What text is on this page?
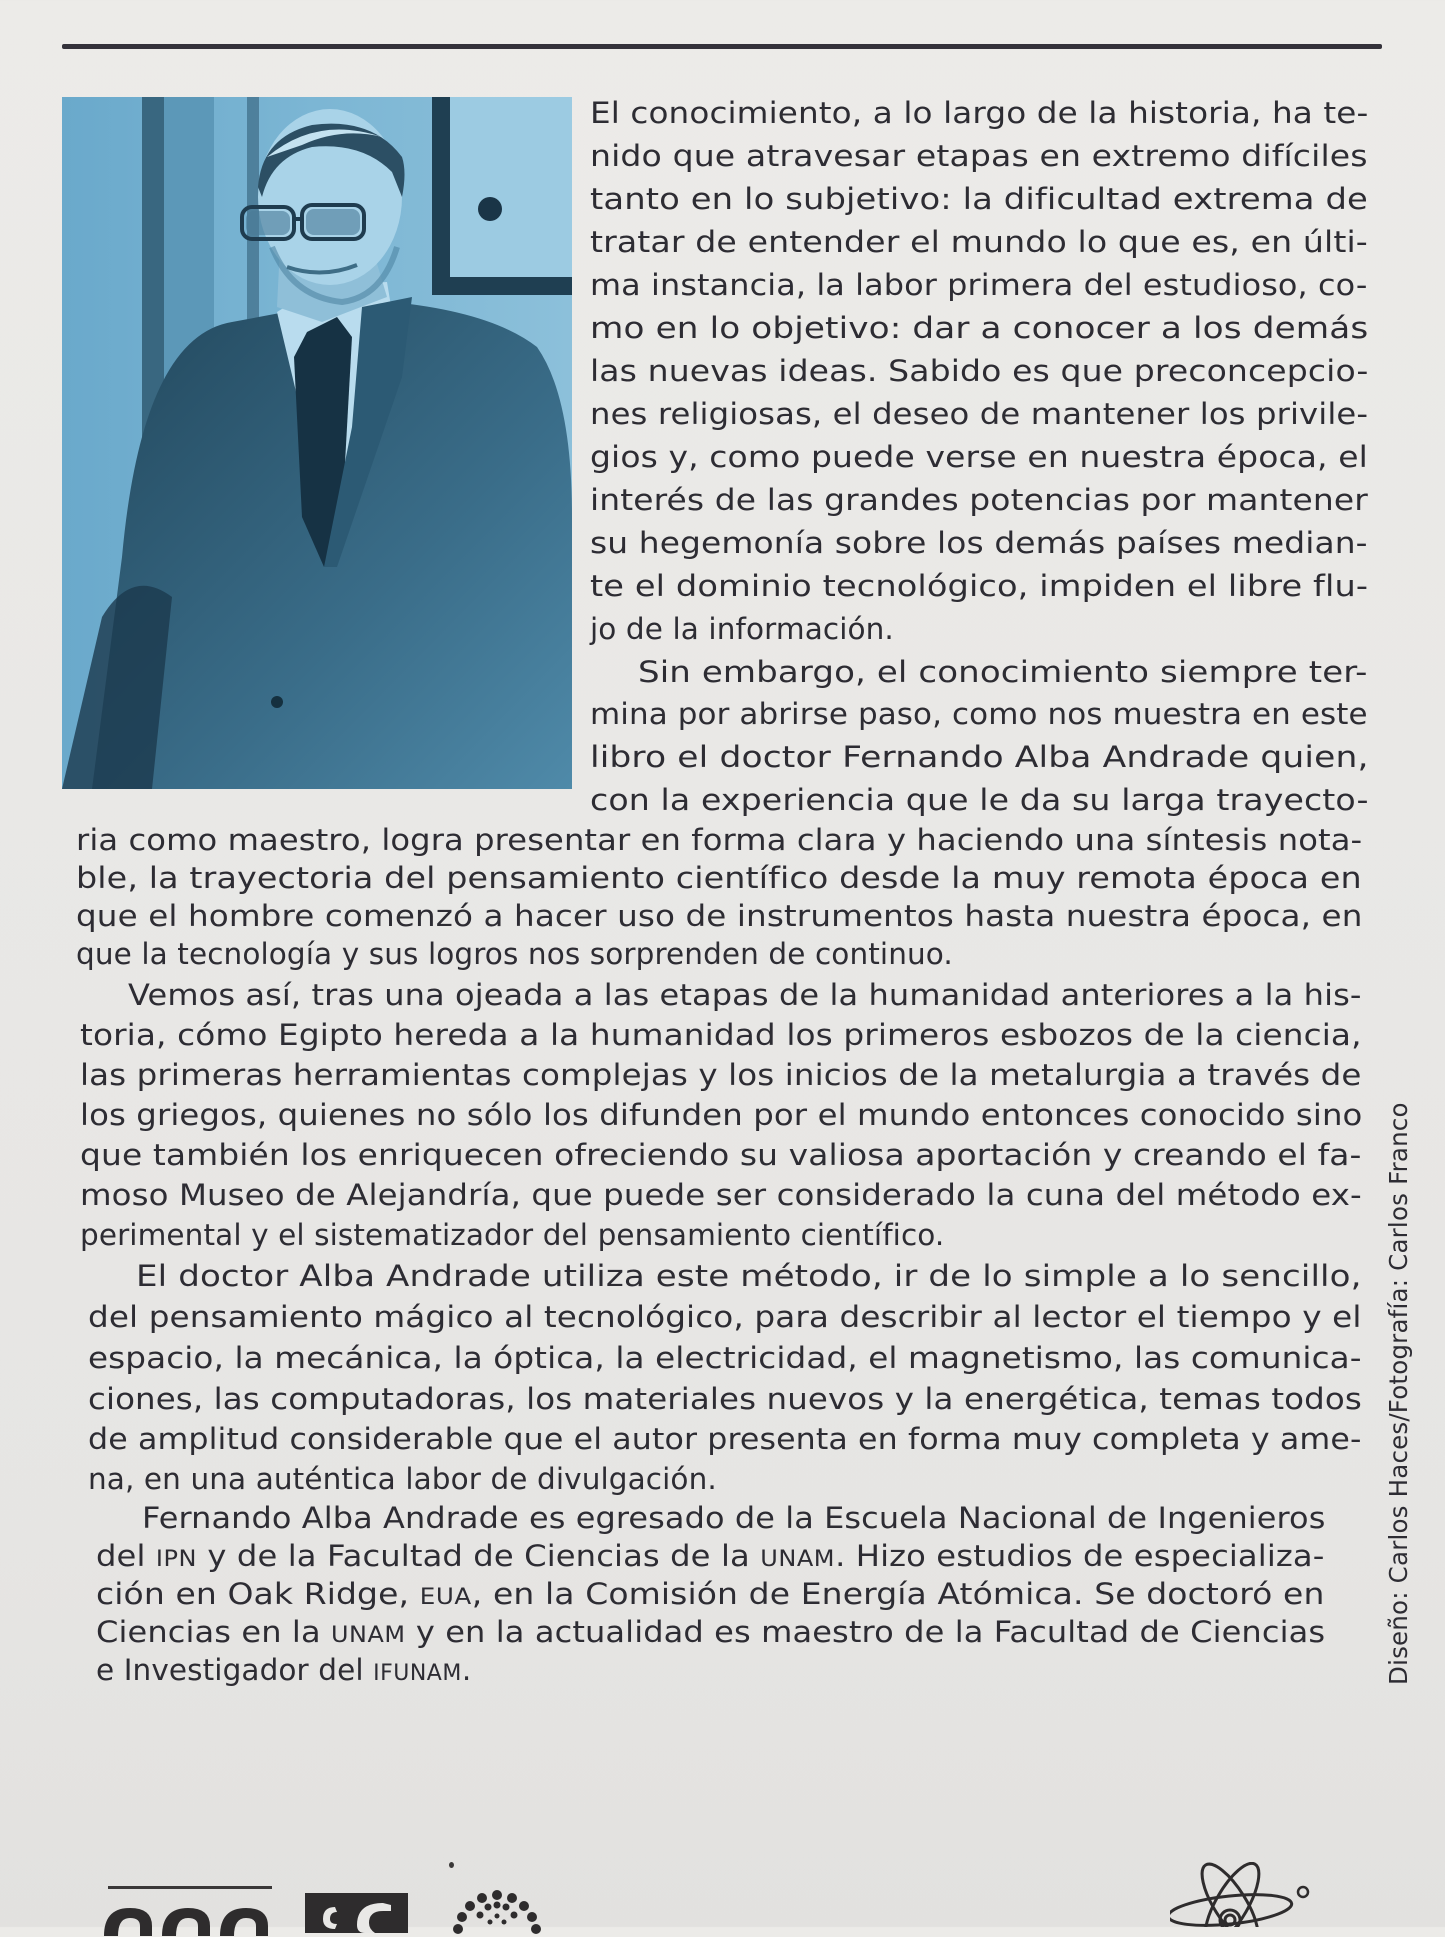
El conocimiento, a lo largo de la historia, ha te-
nido que atravesar etapas en extremo difíciles
tanto en lo subjetivo: la dificultad extrema de
tratar de entender el mundo lo que es, en últi-
ma instancia, la labor primera del estudioso, co-
mo en lo objetivo: dar a conocer a los demás
las nuevas ideas. Sabido es que preconcepcio-
nes religiosas, el deseo de mantener los privile-
gios y, como puede verse en nuestra época, el
interés de las grandes potencias por mantener
su hegemonía sobre los demás países median-
te el dominio tecnológico, impiden el libre flu-
jo de la información.
Sin embargo, el conocimiento siempre ter-
mina por abrirse paso, como nos muestra en este
libro el doctor Fernando Alba Andrade quien,
con la experiencia que le da su larga trayecto-
ria como maestro, logra presentar en forma clara y haciendo una síntesis nota-
ble, la trayectoria del pensamiento científico desde la muy remota época en
que el hombre comenzó a hacer uso de instrumentos hasta nuestra época, en
que la tecnología y sus logros nos sorprenden de continuo.
Vemos así, tras una ojeada a las etapas de la humanidad anteriores a la his-
toria, cómo Egipto hereda a la humanidad los primeros esbozos de la ciencia,
las primeras herramientas complejas y los inicios de la metalurgia a través de
los griegos, quienes no sólo los difunden por el mundo entonces conocido sino
que también los enriquecen ofreciendo su valiosa aportación y creando el fa-
moso Museo de Alejandría, que puede ser considerado la cuna del método ex-
perimental y el sistematizador del pensamiento científico.
El doctor Alba Andrade utiliza este método, ir de lo simple a lo sencillo,
del pensamiento mágico al tecnológico, para describir al lector el tiempo y el
espacio, la mecánica, la óptica, la electricidad, el magnetismo, las comunica-
ciones, las computadoras, los materiales nuevos y la energética, temas todos
de amplitud considerable que el autor presenta en forma muy completa y ame-
na, en una auténtica labor de divulgación.
Fernando Alba Andrade es egresado de la Escuela Nacional de Ingenieros
del IPN y de la Facultad de Ciencias de la UNAM. Hizo estudios de especializa-
ción en Oak Ridge, EUA, en la Comisión de Energía Atómica. Se doctoró en
Ciencias en la UNAM y en la actualidad es maestro de la Facultad de Ciencias
e Investigador del IFUNAM.	Diseño: Carlos Haces/Fotografía: Carlos Franco
